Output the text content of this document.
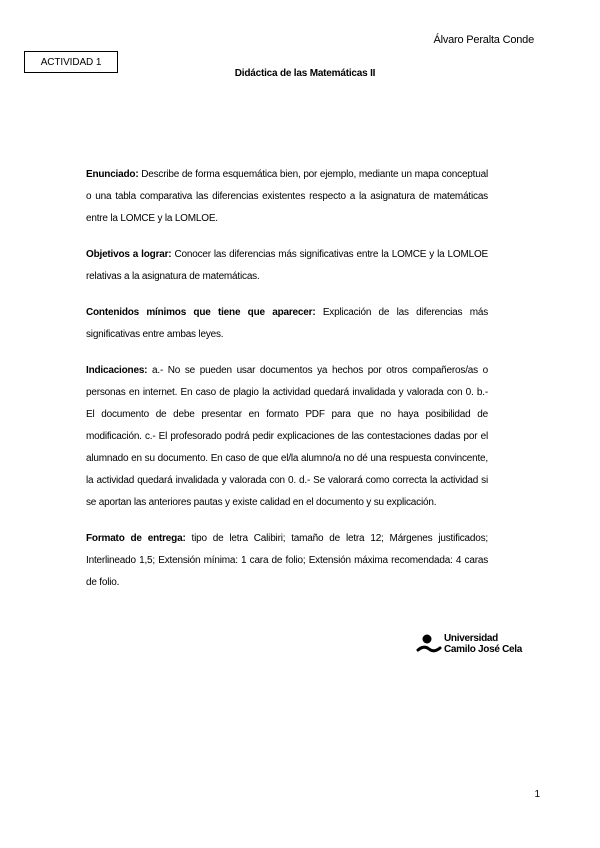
Álvaro Peralta Conde
ACTIVIDAD 1
Didáctica de las Matemáticas II

Enunciado: Describe de forma esquemática bien, por ejemplo, mediante un mapa conceptual o una tabla comparativa las diferencias existentes respecto a la asignatura de matemáticas entre la LOMCE y la LOMLOE.

Objetivos a lograr: Conocer las diferencias más significativas entre la LOMCE y la LOMLOE relativas a la asignatura de matemáticas.

Contenidos mínimos que tiene que aparecer: Explicación de las diferencias más significativas entre ambas leyes.

Indicaciones: a.- No se pueden usar documentos ya hechos por otros compañeros/as o personas en internet. En caso de plagio la actividad quedará invalidada y valorada con 0. b.- El documento de debe presentar en formato PDF para que no haya posibilidad de modificación. c.- El profesorado podrá pedir explicaciones de las contestaciones dadas por el alumnado en su documento. En caso de que el/la alumno/a no dé una respuesta convincente, la actividad quedará invalidada y valorada con 0. d.- Se valorará como correcta la actividad si se aportan las anteriores pautas y existe calidad en el documento y su explicación.

Formato de entrega: tipo de letra Calibiri; tamaño de letra 12; Márgenes justificados; Interlineado 1,5; Extensión mínima: 1 cara de folio; Extensión máxima recomendada: 4 caras de folio.

Universidad
Camilo José Cela
1
